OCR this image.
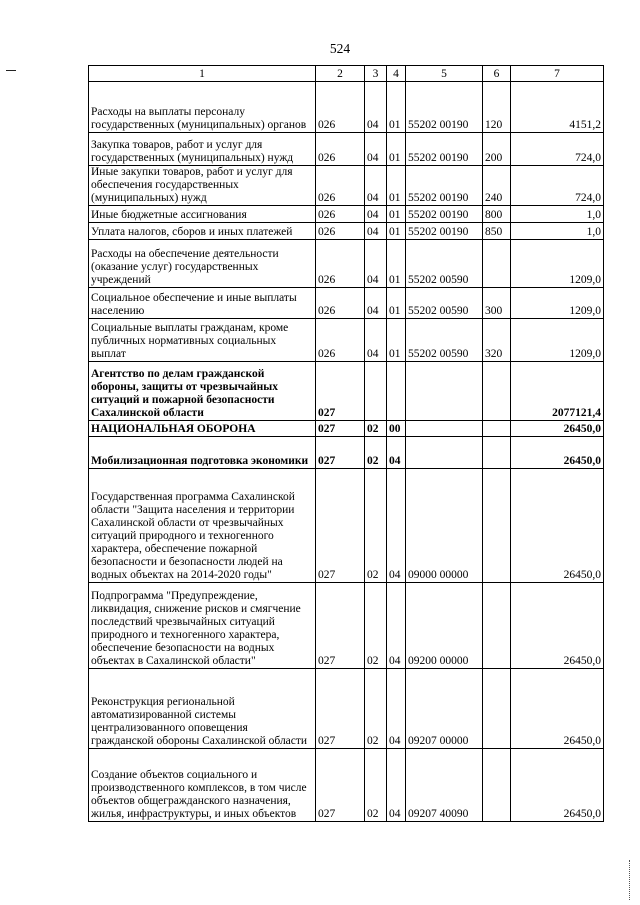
524
1	2	3	4	5	6	7
Расходы на выплаты персоналу государственных (муниципальных) органов	026	04	01	55202 00190	120	4151,2
Закупка товаров, работ и услуг для государственных (муниципальных) нужд	026	04	01	55202 00190	200	724,0
Иные закупки товаров, работ и услуг для обеспечения государственных (муниципальных) нужд	026	04	01	55202 00190	240	724,0
Иные бюджетные ассигнования	026	04	01	55202 00190	800	1,0
Уплата налогов, сборов и иных платежей	026	04	01	55202 00190	850	1,0
Расходы на обеспечение деятельности (оказание услуг) государственных учреждений	026	04	01	55202 00590		1209,0
Социальное обеспечение и иные выплаты населению	026	04	01	55202 00590	300	1209,0
Социальные выплаты гражданам, кроме публичных нормативных социальных выплат	026	04	01	55202 00590	320	1209,0
Агентство по делам гражданской обороны, защиты от чрезвычайных ситуаций и пожарной безопасности Сахалинской области	027					2077121,4
НАЦИОНАЛЬНАЯ ОБОРОНА	027	02	00			26450,0
Мобилизационная подготовка экономики	027	02	04			26450,0
Государственная программа Сахалинской области "Защита населения и территории Сахалинской области от чрезвычайных ситуаций природного и техногенного характера, обеспечение пожарной безопасности и безопасности людей на водных объектах на 2014-2020 годы"	027	02	04	09000 00000		26450,0
Подпрограмма "Предупреждение, ликвидация, снижение рисков и смягчение последствий чрезвычайных ситуаций природного и техногенного характера, обеспечение безопасности на водных объектах в Сахалинской области"	027	02	04	09200 00000		26450,0
Реконструкция региональной автоматизированной системы централизованного оповещения гражданской обороны Сахалинской области	027	02	04	09207 00000		26450,0
Создание объектов социального и производственного комплексов, в том числе объектов общегражданского назначения, жилья, инфраструктуры, и иных объектов	027	02	04	09207 40090		26450,0
